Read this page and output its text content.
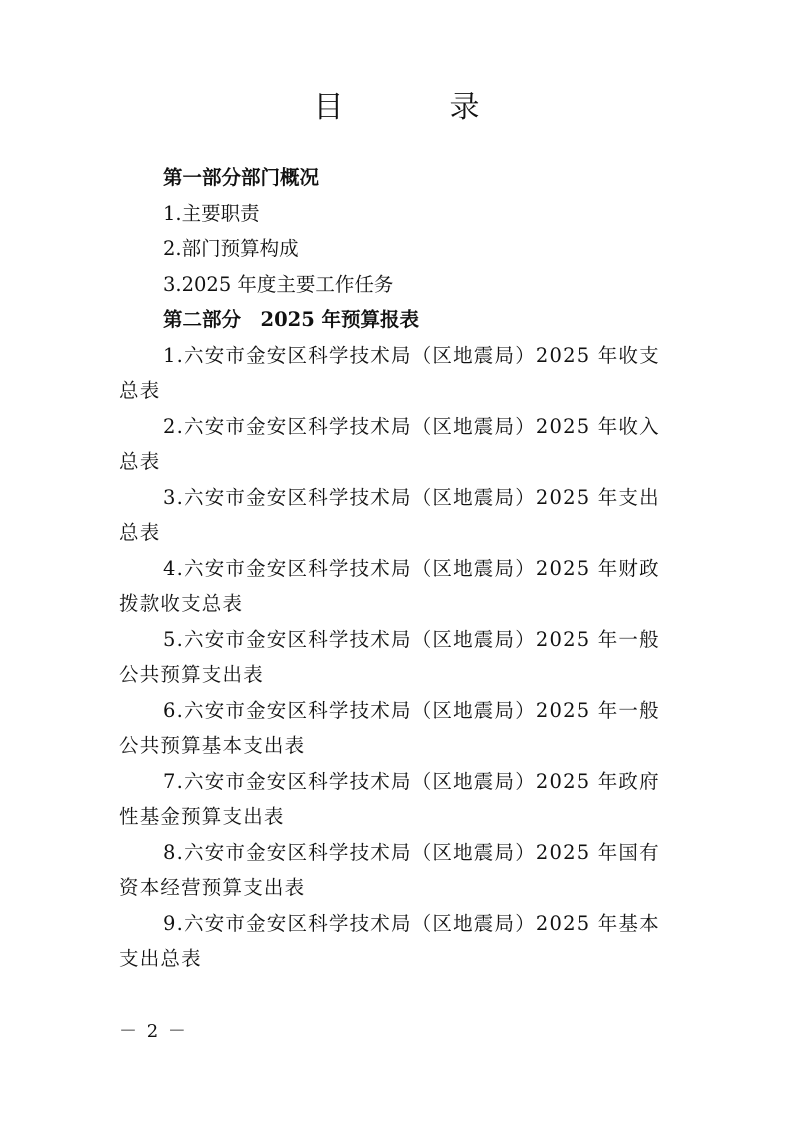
目　录
第一部分部门概况
1.主要职责
2.部门预算构成
3.2025 年度主要工作任务
第二部分　2025 年预算报表
1.六安市金安区科学技术局（区地震局）2025 年收支总表
2.六安市金安区科学技术局（区地震局）2025 年收入总表
3.六安市金安区科学技术局（区地震局）2025 年支出总表
4.六安市金安区科学技术局（区地震局）2025 年财政拨款收支总表
5.六安市金安区科学技术局（区地震局）2025 年一般公共预算支出表
6.六安市金安区科学技术局（区地震局）2025 年一般公共预算基本支出表
7.六安市金安区科学技术局（区地震局）2025 年政府性基金预算支出表
8.六安市金安区科学技术局（区地震局）2025 年国有资本经营预算支出表
9.六安市金安区科学技术局（区地震局）2025 年基本支出总表
－ 2 －
